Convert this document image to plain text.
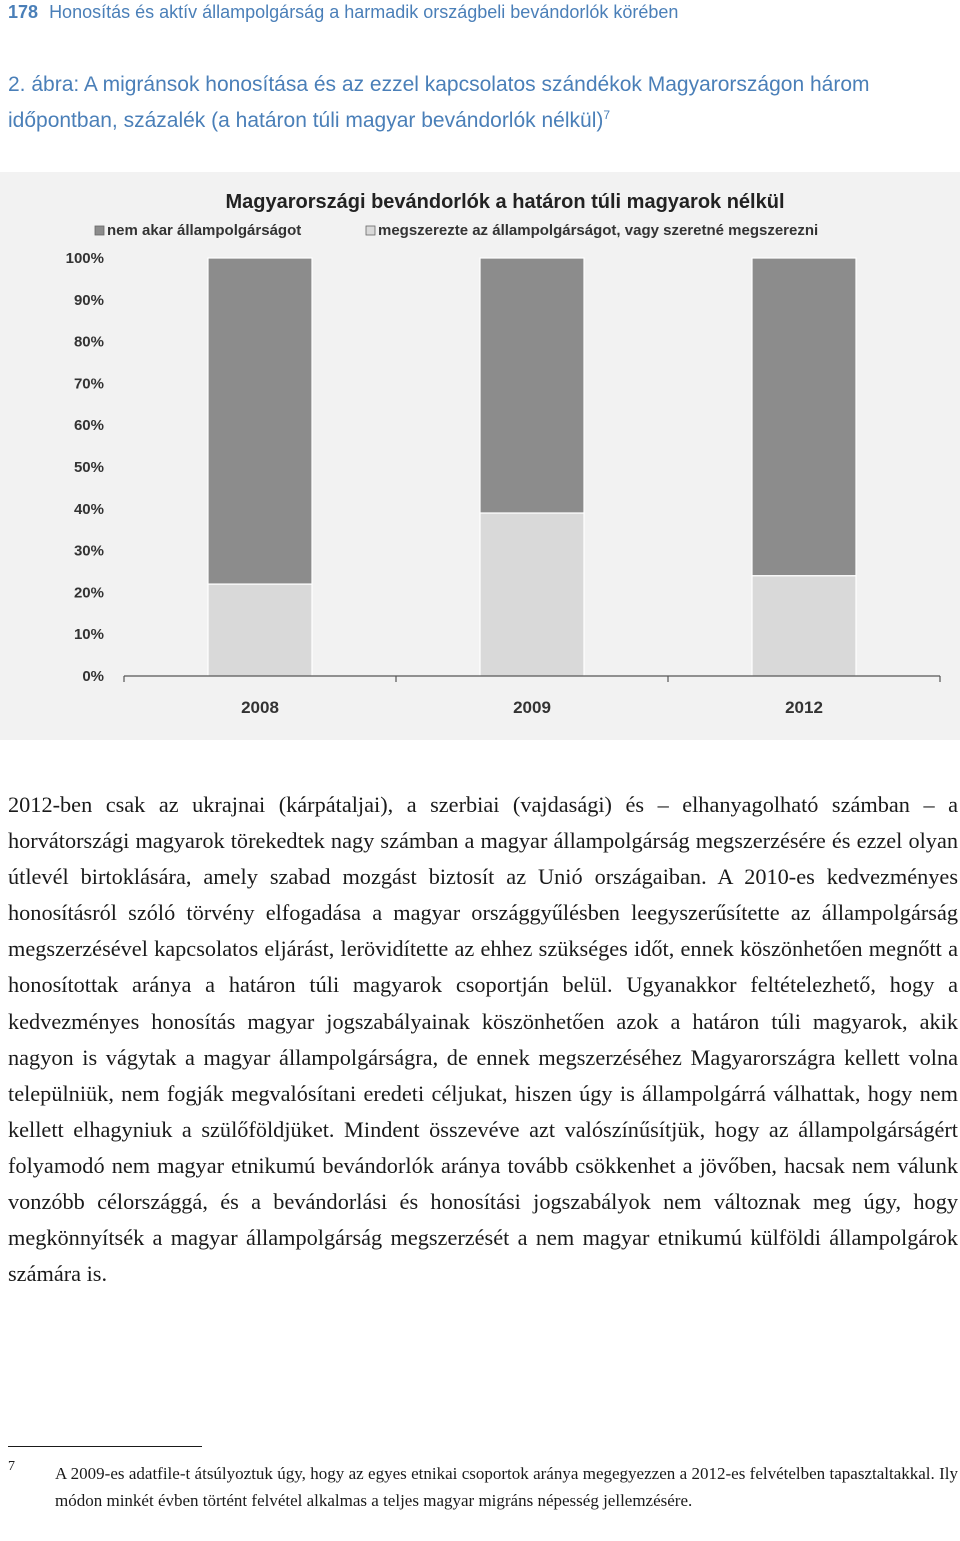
178 Honosítás és aktív állampolgárság a harmadik országbeli bevándorlók körében
2. ábra: A migránsok honosítása és az ezzel kapcsolatos szándékok Magyarországon három időpontban, százalék (a határon túli magyar bevándorlók nélkül)$^7$
Magyarországi bevándorlók a határon túli magyarok nélkül
nem akar állampolgárságot	megszerezte az állampolgárságot, vagy szeretné megszerezni
0%
10%
20%
30%
40%
50%
60%
70%
80%
90%
100%
2008	2009	2012

2012-ben csak az ukrajnai (kárpátaljai), a szerbiai (vajdasági) és – elhanyagolható számban – a horvátországi magyarok törekedtek nagy számban a magyar állampolgárság megszerzésére és ezzel olyan útlevél birtoklására, amely szabad mozgást biztosít az Unió országaiban. A 2010-es kedvezményes honosításról szóló törvény elfogadása a magyar országgyűlésben leegyszerűsítette az állampolgárság megszerzésével kapcsolatos eljárást, lerövidítette az ehhez szükséges időt, ennek köszönhetően megnőtt a honosítottak aránya a határon túli magyarok csoportján belül. Ugyanakkor feltételezhető, hogy a kedvezményes honosítás magyar jogszabályainak köszönhetően azok a határon túli magyarok, akik nagyon is vágytak a magyar állampolgárságra, de ennek megszerzéséhez Magyarországra kellett volna települniük, nem fogják megvalósítani eredeti céljukat, hiszen úgy is állampolgárrá válhattak, hogy nem kellett elhagyniuk a szülőföldjüket. Mindent összevéve azt valószínűsítjük, hogy az állampolgárságért folyamodó nem magyar etnikumú bevándorlók aránya tovább csökkenhet a jövőben, hacsak nem válunk vonzóbb célországgá, és a bevándorlási és honosítási jogszabályok nem változnak meg úgy, hogy megkönnyítsék a magyar állampolgárság megszerzését a nem magyar etnikumú külföldi állampolgárok számára is.

7 A 2009-es adatfile-t átsúlyoztuk úgy, hogy az egyes etnikai csoportok aránya megegyezzen a 2012-es felvételben tapasztaltakkal. Ily módon minkét évben történt felvétel alkalmas a teljes magyar migráns népesség jellemzésére.
